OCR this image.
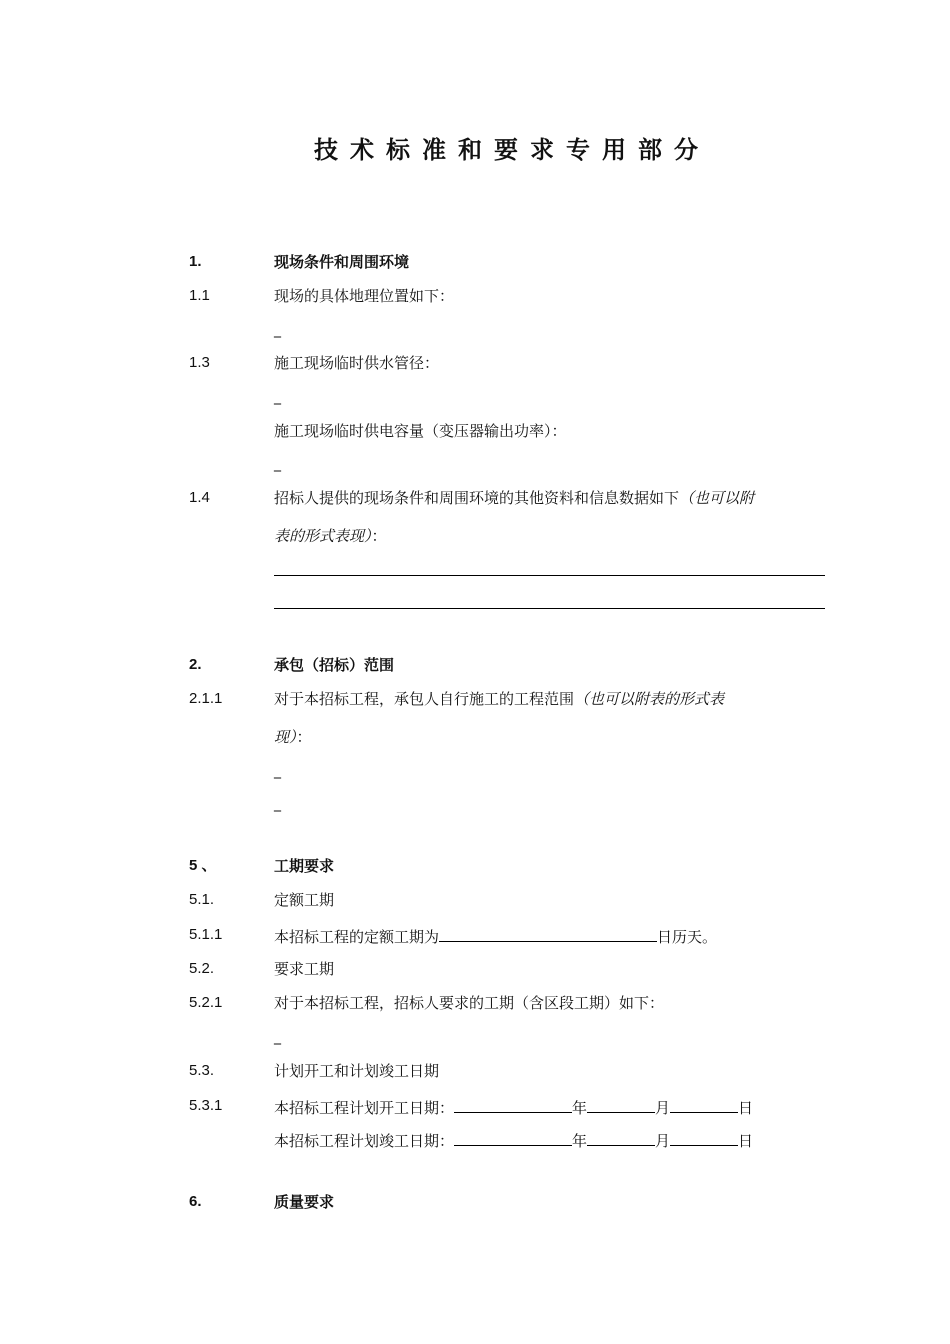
技术标准和要求专用部分
1.	现场条件和周围环境
1.1	现场的具体地理位置如下：
_
1.3	施工现场临时供水管径：
_
施工现场临时供电容量（变压器输出功率）：
_
1.4	招标人提供的现场条件和周围环境的其他资料和信息数据如下（也可以附
表的形式表现）：
2.	承包（招标）范围
2.1.1	对于本招标工程，承包人自行施工的工程范围（也可以附表的形式表
现）：
_
_
5 、	工期要求
5.1.	定额工期
5.1.1	本招标工程的定额工期为	日历天。
5.2.	要求工期
5.2.1	对于本招标工程，招标人要求的工期（含区段工期）如下：
_
5.3.	计划开工和计划竣工日期
5.3.1	本招标工程计划开工日期：	年	月	日
本招标工程计划竣工日期：	年	月	日
6.	质量要求
